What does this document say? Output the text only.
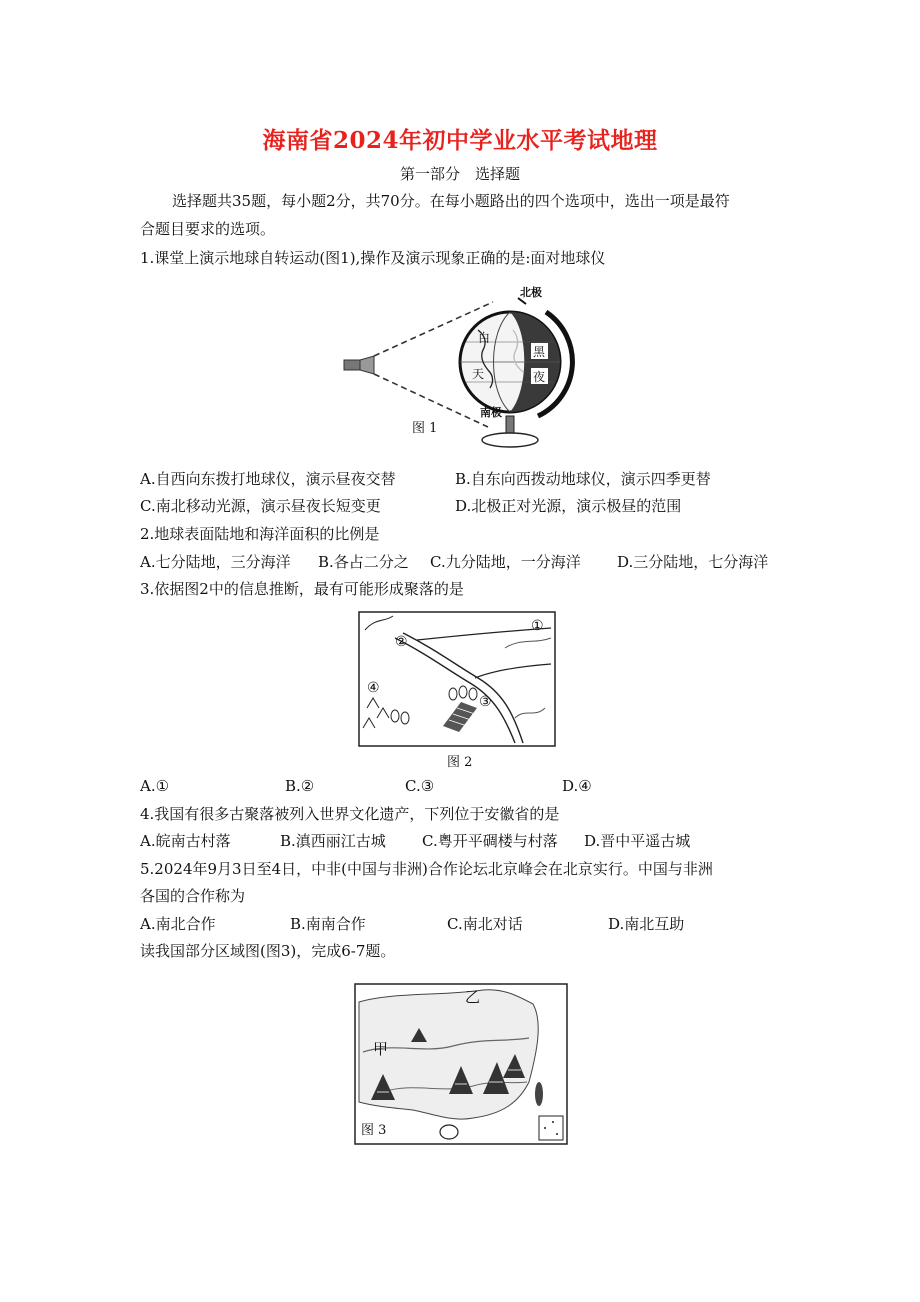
海南省2024年初中学业水平考试地理
第一部分　选择题
选择题共35题，每小题2分，共70分。在每小题路出的四个选项中，选出一项是最符
合题目要求的选项。
1.课堂上演示地球自转运动(图1),操作及演示现象正确的是:面对地球仪
北极
南极
白
天
黑
夜
图 1
A.自西向东拨打地球仪，演示昼夜交替	B.自东向西拨动地球仪，演示四季更替
C.南北移动光源，演示昼夜长短变更	D.北极正对光源，演示极昼的范围
2.地球表面陆地和海洋面积的比例是
A.七分陆地，三分海洋 B.各占二分之 C.九分陆地，一分海洋 D.三分陆地，七分海洋
3.依据图2中的信息推断，最有可能形成聚落的是
①
②
③
④
图 2
A.①	B.②	C.③	D.④
4.我国有很多古聚落被列入世界文化遗产，下列位于安徽省的是
A.皖南古村落	B.滇西丽江古城 C.粤开平碉楼与村落 D.晋中平遥古城
5.2024年9月3日至4日，中非(中国与非洲)合作论坛北京峰会在北京实行。中国与非洲
各国的合作称为
A.南北合作	B.南南合作	C.南北对话	D.南北互助
读我国部分区域图(图3)，完成6-7题。
乙
甲
图 3
